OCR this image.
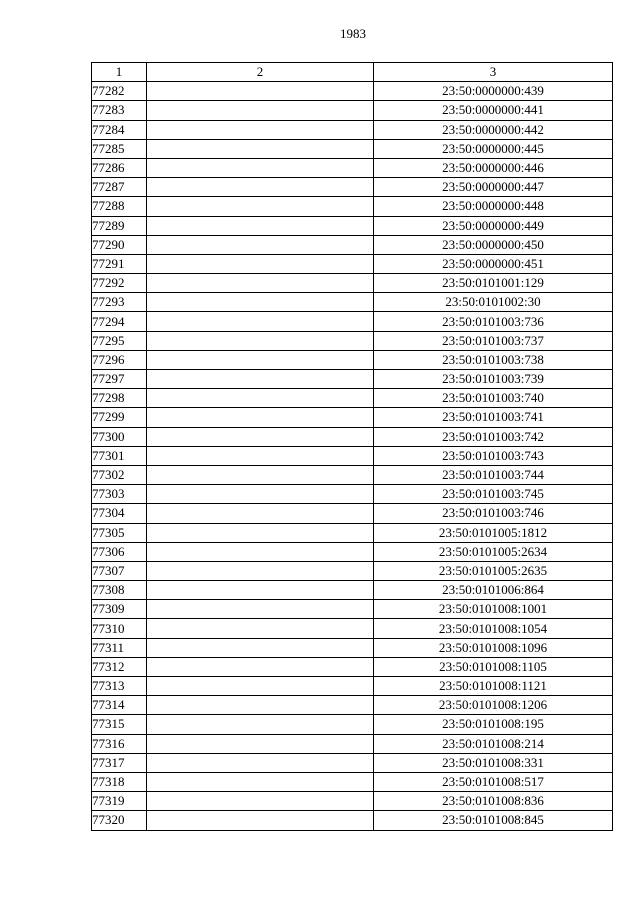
1983
1	2	3
77282		23:50:0000000:439
77283		23:50:0000000:441
77284		23:50:0000000:442
77285		23:50:0000000:445
77286		23:50:0000000:446
77287		23:50:0000000:447
77288		23:50:0000000:448
77289		23:50:0000000:449
77290		23:50:0000000:450
77291		23:50:0000000:451
77292		23:50:0101001:129
77293		23:50:0101002:30
77294		23:50:0101003:736
77295		23:50:0101003:737
77296		23:50:0101003:738
77297		23:50:0101003:739
77298		23:50:0101003:740
77299		23:50:0101003:741
77300		23:50:0101003:742
77301		23:50:0101003:743
77302		23:50:0101003:744
77303		23:50:0101003:745
77304		23:50:0101003:746
77305		23:50:0101005:1812
77306		23:50:0101005:2634
77307		23:50:0101005:2635
77308		23:50:0101006:864
77309		23:50:0101008:1001
77310		23:50:0101008:1054
77311		23:50:0101008:1096
77312		23:50:0101008:1105
77313		23:50:0101008:1121
77314		23:50:0101008:1206
77315		23:50:0101008:195
77316		23:50:0101008:214
77317		23:50:0101008:331
77318		23:50:0101008:517
77319		23:50:0101008:836
77320		23:50:0101008:845
